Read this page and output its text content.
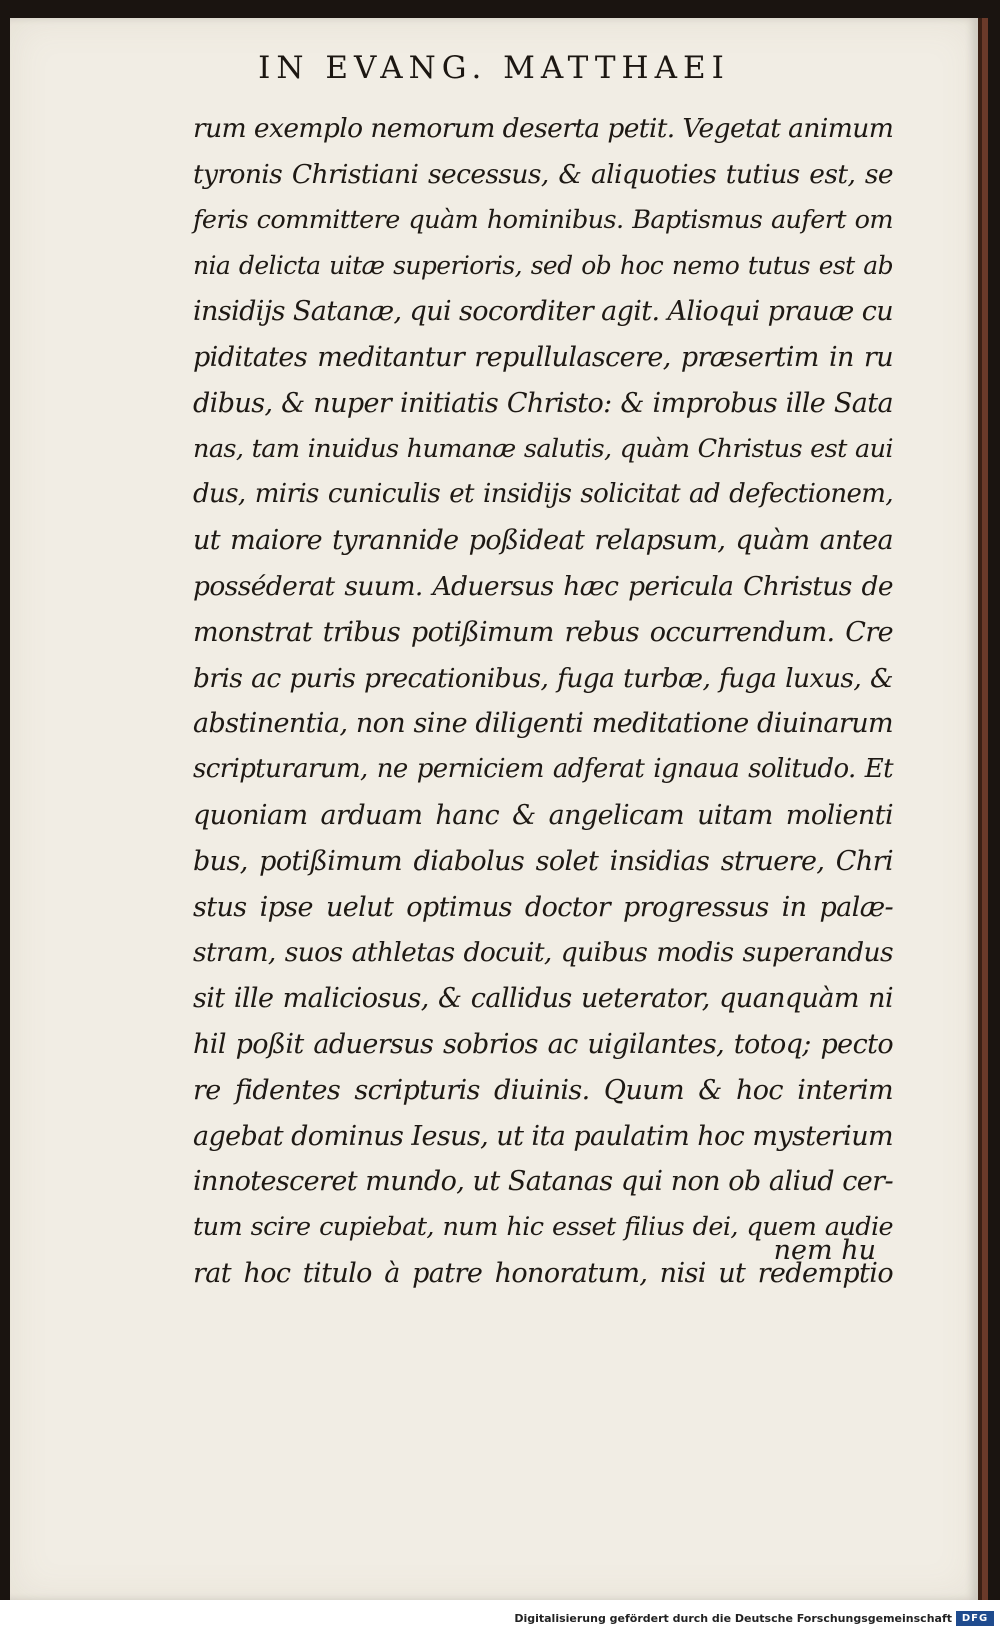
IN EVANG. MATTHAEI
rum exemplo nemorum deserta petit. Vegetat animum
tyronis Christiani secessus, & aliquoties tutius est, se
feris committere quàm hominibus. Baptismus aufert om
nia delicta uitæ superioris, sed ob hoc nemo tutus est ab
insidijs Satanæ, qui socorditer agit. Alioqui prauæ cu
piditates meditantur repullulascere, præsertim in ru
dibus, & nuper initiatis Christo: & improbus ille Sata
nas, tam inuidus humanæ salutis, quàm Christus est aui
dus, miris cuniculis et insidijs solicitat ad defectionem,
ut maiore tyrannide poßideat relapsum, quàm antea
posséderat suum. Aduersus hæc pericula Christus de
monstrat tribus potißimum rebus occurrendum. Cre
bris ac puris precationibus, fuga turbæ, fuga luxus, &
abstinentia, non sine diligenti meditatione diuinarum
scripturarum, ne perniciem adferat ignaua solitudo. Et
quoniam arduam hanc & angelicam uitam molienti
bus, potißimum diabolus solet insidias struere, Chri
stus ipse uelut optimus doctor progressus in palæ-
stram, suos athletas docuit, quibus modis superandus
sit ille maliciosus, & callidus ueterator, quanquàm ni
hil poßit aduersus sobrios ac uigilantes, totoq; pecto
re fidentes scripturis diuinis. Quum & hoc interim
agebat dominus Iesus, ut ita paulatim hoc mysterium
innotesceret mundo, ut Satanas qui non ob aliud cer-
tum scire cupiebat, num hic esset filius dei, quem audie
rat hoc titulo à patre honoratum, nisi ut redemptio
nem hu
Digitalisierung gefördert durch die Deutsche Forschungsgemeinschaft DFG
